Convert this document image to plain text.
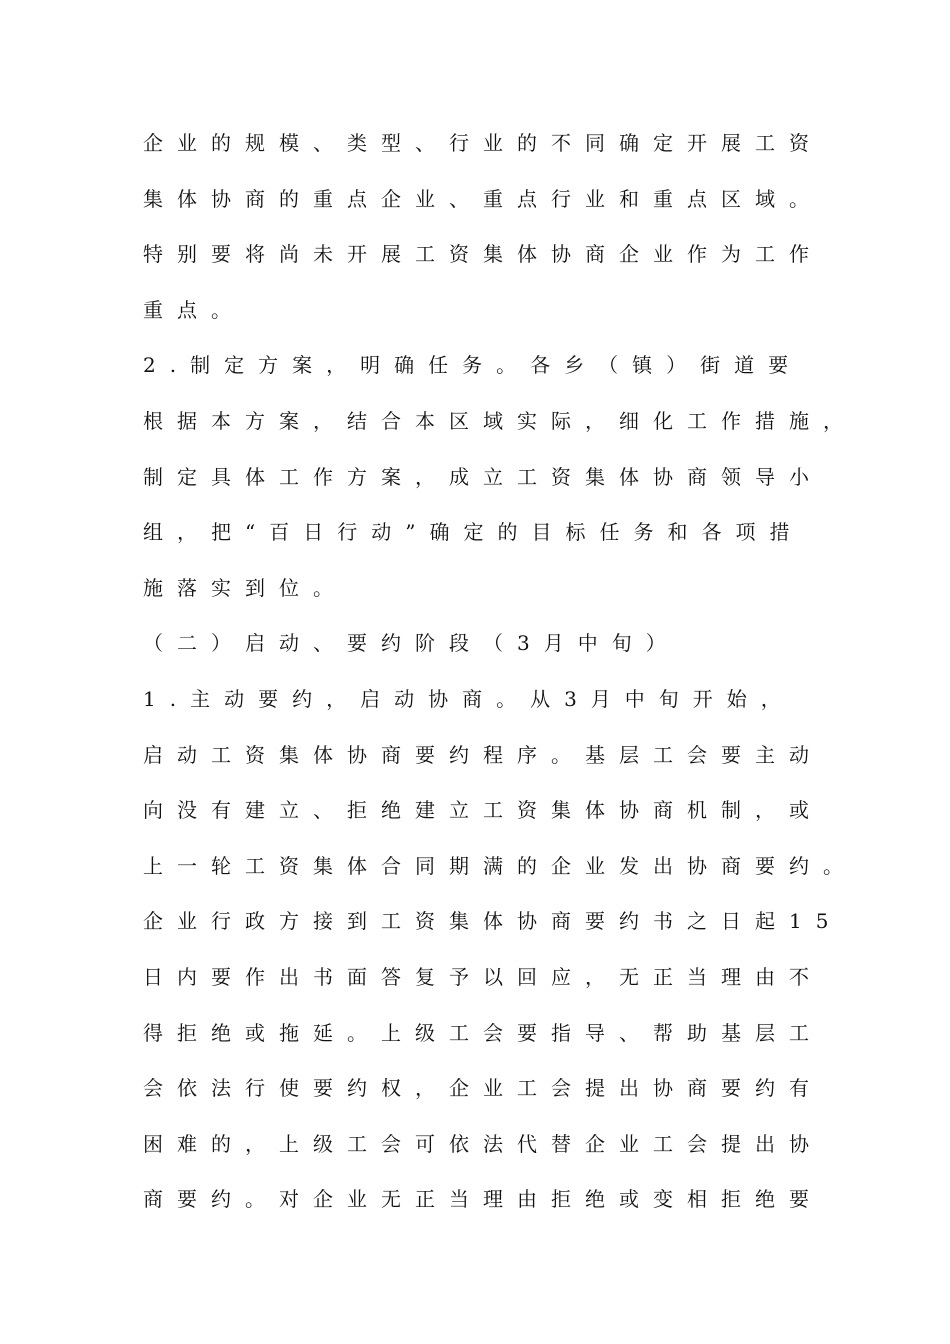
企业的规模、类型、行业的不同确定开展工资
集体协商的重点企业、重点行业和重点区域。
特别要将尚未开展工资集体协商企业作为工作
重点。
2.制定方案，明确任务。各乡（镇）街道要
根据本方案，结合本区域实际，细化工作措施，
制定具体工作方案，成立工资集体协商领导小
组，把“百日行动”确定的目标任务和各项措
施落实到位。
（二）启动、要约阶段（3月中旬）
1.主动要约，启动协商。从3月中旬开始，
启动工资集体协商要约程序。基层工会要主动
向没有建立、拒绝建立工资集体协商机制，或
上一轮工资集体合同期满的企业发出协商要约。
企业行政方接到工资集体协商要约书之日起15
日内要作出书面答复予以回应，无正当理由不
得拒绝或拖延。上级工会要指导、帮助基层工
会依法行使要约权，企业工会提出协商要约有
困难的，上级工会可依法代替企业工会提出协
商要约。对企业无正当理由拒绝或变相拒绝要
